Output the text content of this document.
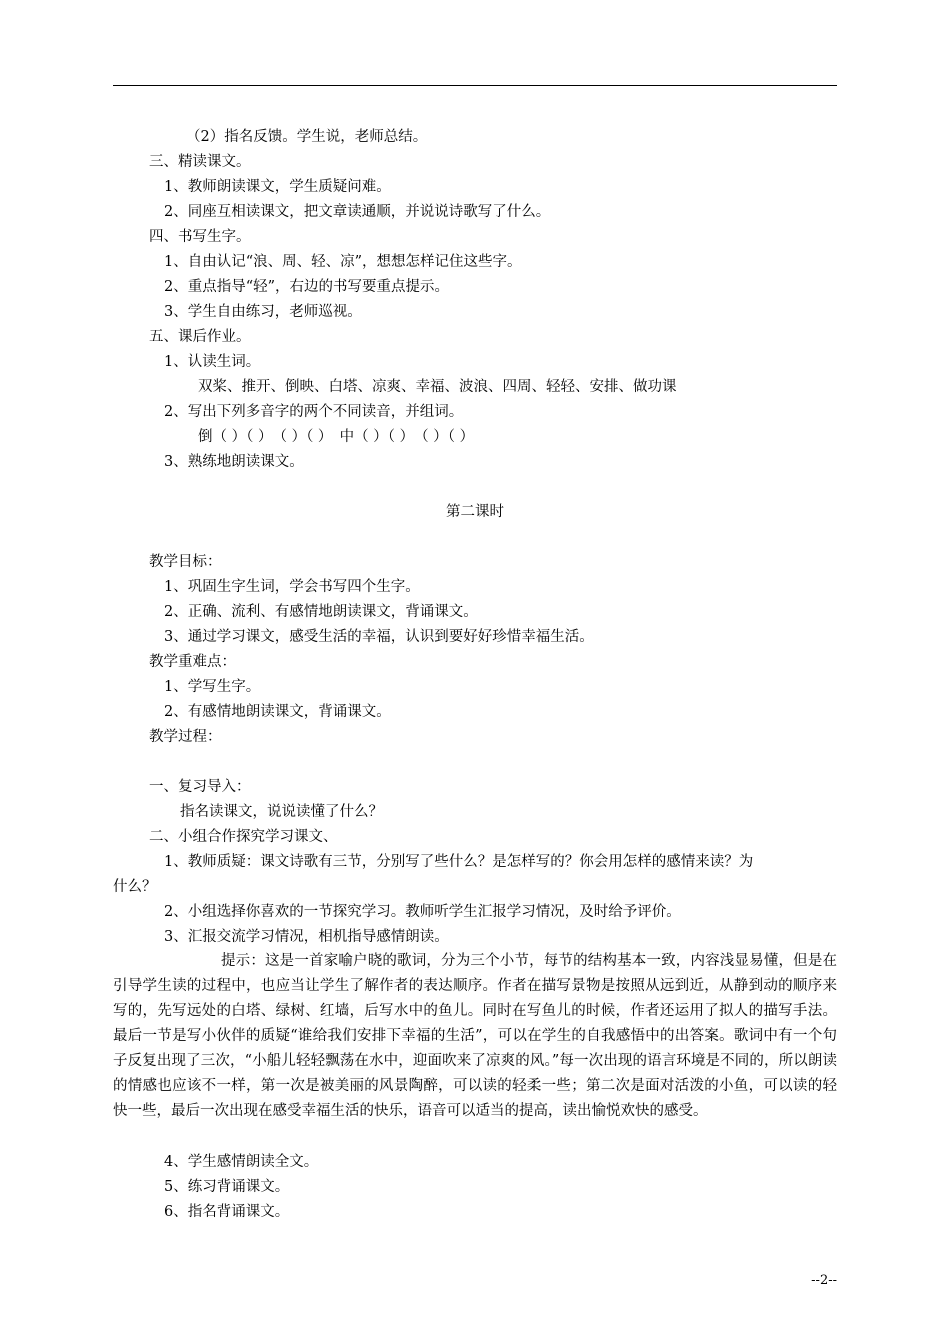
（2）指名反馈。学生说，老师总结。
三、精读课文。
1、教师朗读课文，学生质疑问难。
2、同座互相读课文，把文章读通顺，并说说诗歌写了什么。
四、书写生字。
1、自由认记“浪、周、轻、凉”，想想怎样记住这些字。
2、重点指导“轻”，右边的书写要重点提示。
3、学生自由练习，老师巡视。
五、课后作业。
1、认读生词。
双桨、推开、倒映、白塔、凉爽、幸福、波浪、四周、轻轻、安排、做功课
2、写出下列多音字的两个不同读音，并组词。
倒（ ）（ ）　（ ）（ ）　中（ ）（ ）　（ ）（ ）
3、熟练地朗读课文。
第二课时
教学目标：
1、巩固生字生词，学会书写四个生字。
2、正确、流利、有感情地朗读课文，背诵课文。
3、通过学习课文，感受生活的幸福，认识到要好好珍惜幸福生活。
教学重难点：
1、学写生字。
2、有感情地朗读课文，背诵课文。
教学过程：
一、复习导入：
指名读课文，说说读懂了什么？
二、小组合作探究学习课文、
1、教师质疑：课文诗歌有三节，分别写了些什么？是怎样写的？你会用怎样的感情来读？为
什么？
2、小组选择你喜欢的一节探究学习。教师听学生汇报学习情况，及时给予评价。
3、汇报交流学习情况，相机指导感情朗读。
提示：这是一首家喻户晓的歌词，分为三个小节，每节的结构基本一致，内容浅显易懂，但是在引导学生读的过程中，也应当让学生了解作者的表达顺序。作者在描写景物是按照从远到近，从静到动的顺序来写的，先写远处的白塔、绿树、红墙，后写水中的鱼儿。同时在写鱼儿的时候，作者还运用了拟人的描写手法。最后一节是写小伙伴的质疑“谁给我们安排下幸福的生活”，可以在学生的自我感悟中的出答案。歌词中有一个句子反复出现了三次，“小船儿轻轻飘荡在水中，迎面吹来了凉爽的风。”每一次出现的语言环境是不同的，所以朗读的情感也应该不一样，第一次是被美丽的风景陶醉，可以读的轻柔一些；第二次是面对活泼的小鱼，可以读的轻快一些，最后一次出现在感受幸福生活的快乐，语音可以适当的提高，读出愉悦欢快的感受。
4、学生感情朗读全文。
5、练习背诵课文。
6、指名背诵课文。
--2--
